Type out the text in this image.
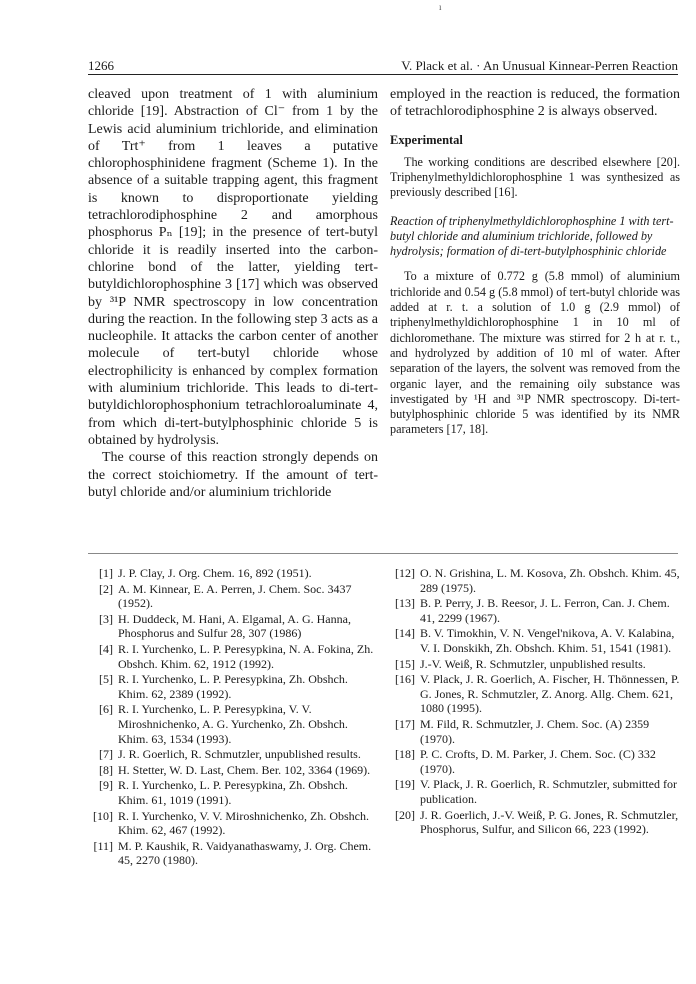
ı
1266	V. Plack et al. · An Unusual Kinnear-Perren Reaction

cleaved upon treatment of 1 with aluminium chloride [19]. Abstraction of Cl⁻ from 1 by the Lewis acid aluminium trichloride, and elimination of Trt⁺ from 1 leaves a putative chlorophosphinidene fragment (Scheme 1). In the absence of a suitable trapping agent, this fragment is known to disproportionate yielding tetrachlorodiphosphine 2 and amorphous phosphorus Pₙ [19]; in the presence of tert-butyl chloride it is readily inserted into the carbon-chlorine bond of the latter, yielding tert-butyldichlorophosphine 3 [17] which was observed by ³¹P NMR spectroscopy in low concentration during the reaction. In the following step 3 acts as a nucleophile. It attacks the carbon center of another molecule of tert-butyl chloride whose electrophilicity is enhanced by complex formation with aluminium trichloride. This leads to di-tert-butyldichlorophosphonium tetrachloroaluminate 4, from which di-tert-butylphosphinic chloride 5 is obtained by hydrolysis.

The course of this reaction strongly depends on the correct stoichiometry. If the amount of tert-butyl chloride and/or aluminium trichloride

employed in the reaction is reduced, the formation of tetrachlorodiphosphine 2 is always observed.

Experimental

The working conditions are described elsewhere [20]. Triphenylmethyldichlorophosphine 1 was synthesized as previously described [16].

Reaction of triphenylmethyldichlorophosphine 1 with tert-butyl chloride and aluminium trichloride, followed by hydrolysis; formation of di-tert-butylphosphinic chloride

To a mixture of 0.772 g (5.8 mmol) of aluminium trichloride and 0.54 g (5.8 mmol) of tert-butyl chloride was added at r. t. a solution of 1.0 g (2.9 mmol) of triphenylmethyldichlorophosphine 1 in 10 ml of dichloromethane. The mixture was stirred for 2 h at r. t., and hydrolyzed by addition of 10 ml of water. After separation of the layers, the solvent was removed from the organic layer, and the remaining oily substance was investigated by ¹H and ³¹P NMR spectroscopy. Di-tert-butylphosphinic chloride 5 was identified by its NMR parameters [17, 18].

[1] J. P. Clay, J. Org. Chem. 16, 892 (1951).
[2] A. M. Kinnear, E. A. Perren, J. Chem. Soc. 3437 (1952).
[3] H. Duddeck, M. Hani, A. Elgamal, A. G. Hanna, Phosphorus and Sulfur 28, 307 (1986)
[4] R. I. Yurchenko, L. P. Peresypkina, N. A. Fokina, Zh. Obshch. Khim. 62, 1912 (1992).
[5] R. I. Yurchenko, L. P. Peresypkina, Zh. Obshch. Khim. 62, 2389 (1992).
[6] R. I. Yurchenko, L. P. Peresypkina, V. V. Miroshnichenko, A. G. Yurchenko, Zh. Obshch. Khim. 63, 1534 (1993).
[7] J. R. Goerlich, R. Schmutzler, unpublished results.
[8] H. Stetter, W. D. Last, Chem. Ber. 102, 3364 (1969).
[9] R. I. Yurchenko, L. P. Peresypkina, Zh. Obshch. Khim. 61, 1019 (1991).
[10] R. I. Yurchenko, V. V. Miroshnichenko, Zh. Obshch. Khim. 62, 467 (1992).
[11] M. P. Kaushik, R. Vaidyanathaswamy, J. Org. Chem. 45, 2270 (1980).
[12] O. N. Grishina, L. M. Kosova, Zh. Obshch. Khim. 45, 289 (1975).
[13] B. P. Perry, J. B. Reesor, J. L. Ferron, Can. J. Chem. 41, 2299 (1967).
[14] B. V. Timokhin, V. N. Vengel'nikova, A. V. Kalabina, V. I. Donskikh, Zh. Obshch. Khim. 51, 1541 (1981).
[15] J.-V. Weiß, R. Schmutzler, unpublished results.
[16] V. Plack, J. R. Goerlich, A. Fischer, H. Thönnessen, P. G. Jones, R. Schmutzler, Z. Anorg. Allg. Chem. 621, 1080 (1995).
[17] M. Fild, R. Schmutzler, J. Chem. Soc. (A) 2359 (1970).
[18] P. C. Crofts, D. M. Parker, J. Chem. Soc. (C) 332 (1970).
[19] V. Plack, J. R. Goerlich, R. Schmutzler, submitted for publication.
[20] J. R. Goerlich, J.-V. Weiß, P. G. Jones, R. Schmutzler, Phosphorus, Sulfur, and Silicon 66, 223 (1992).
